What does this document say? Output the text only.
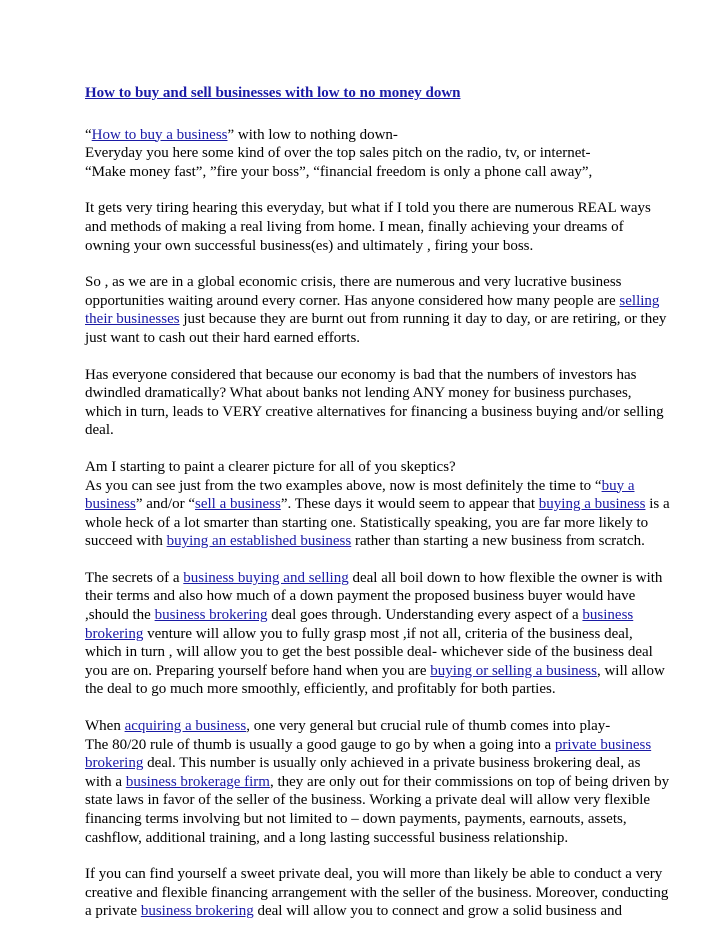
How to buy and sell businesses with low to no money down

“How to buy a business” with low to nothing down-
Everyday you here some kind of over the top sales pitch on the radio, tv, or internet-
“Make money fast”, ”fire your boss”, “financial freedom is only a phone call away”,

It gets very tiring hearing this everyday, but what if I told you there are numerous REAL ways
and methods of making a real living from home. I mean, finally achieving your dreams of
owning your own successful business(es) and ultimately , firing your boss.

So , as we are in a global economic crisis, there are numerous and very lucrative business
opportunities waiting around every corner. Has anyone considered how many people are selling
their businesses just because they are burnt out from running it day to day, or are retiring, or they
just want to cash out their hard earned efforts.

Has everyone considered that because our economy is bad that the numbers of investors has
dwindled dramatically? What about banks not lending ANY money for business purchases,
which in turn, leads to VERY creative alternatives for financing a business buying and/or selling
deal.

Am I starting to paint a clearer picture for all of you skeptics?
As you can see just from the two examples above, now is most definitely the time to “buy a
business” and/or “sell a business”. These days it would seem to appear that buying a business is a
whole heck of a lot smarter than starting one. Statistically speaking, you are far more likely to
succeed with buying an established business rather than starting a new business from scratch.

The secrets of a business buying and selling deal all boil down to how flexible the owner is with
their terms and also how much of a down payment the proposed business buyer would have
,should the business brokering deal goes through. Understanding every aspect of a business
brokering venture will allow you to fully grasp most ,if not all, criteria of the business deal,
which in turn , will allow you to get the best possible deal- whichever side of the business deal
you are on. Preparing yourself before hand when you are buying or selling a business, will allow
the deal to go much more smoothly, efficiently, and profitably for both parties.

When acquiring a business, one very general but crucial rule of thumb comes into play-
The 80/20 rule of thumb is usually a good gauge to go by when a going into a private business
brokering deal. This number is usually only achieved in a private business brokering deal, as
with a business brokerage firm, they are only out for their commissions on top of being driven by
state laws in favor of the seller of the business. Working a private deal will allow very flexible
financing terms involving but not limited to – down payments, payments, earnouts, assets,
cashflow, additional training, and a long lasting successful business relationship.

If you can find yourself a sweet private deal, you will more than likely be able to conduct a very
creative and flexible financing arrangement with the seller of the business. Moreover, conducting
a private business brokering deal will allow you to connect and grow a solid business and
